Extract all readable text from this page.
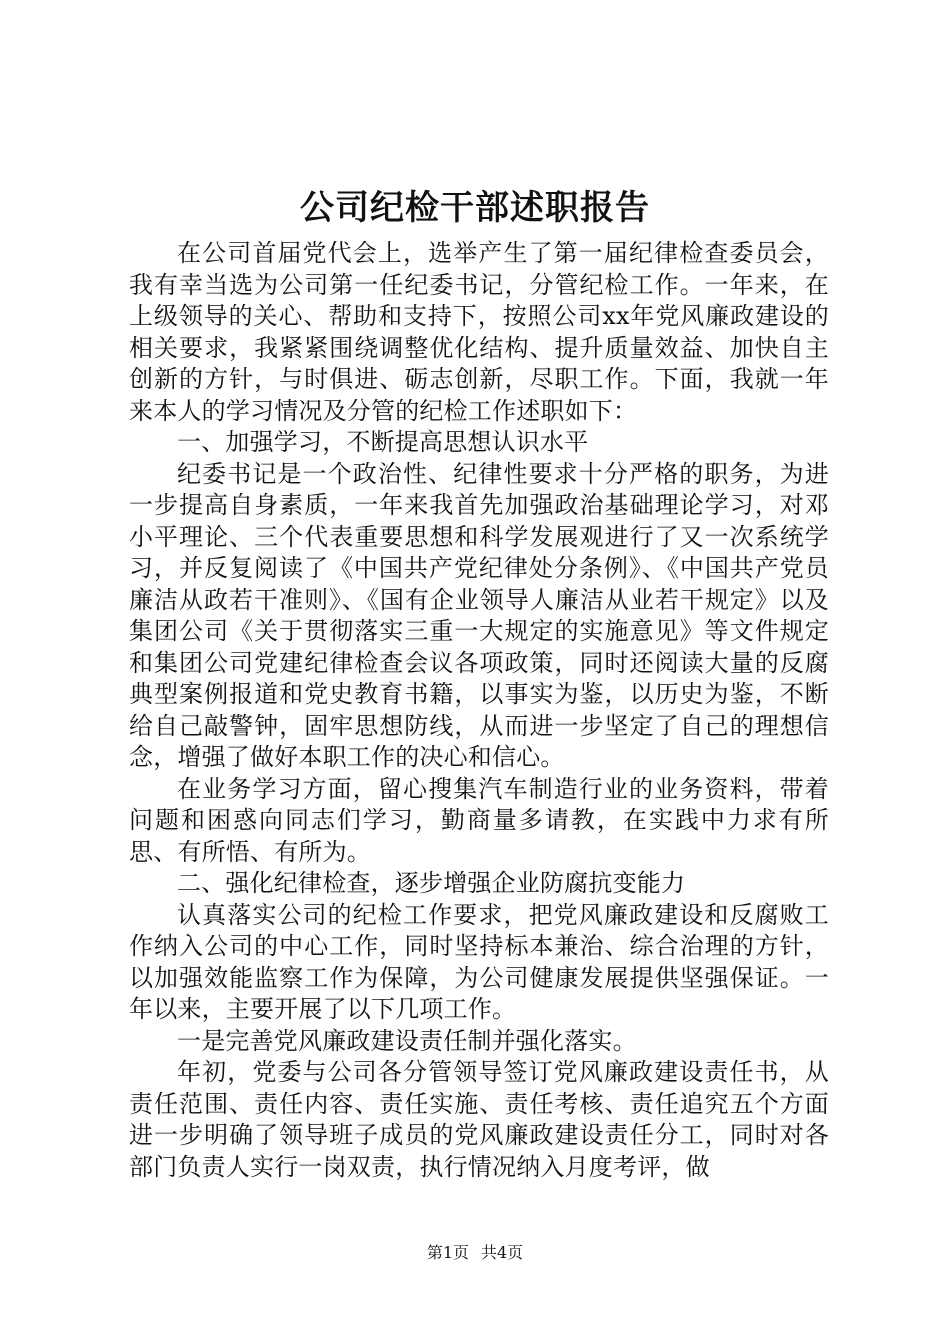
公司纪检干部述职报告

在公司首届党代会上，选举产生了第一届纪律检查委员会，我有幸当选为公司第一任纪委书记，分管纪检工作。一年来，在上级领导的关心、帮助和支持下，按照公司xx年党风廉政建设的相关要求，我紧紧围绕调整优化结构、提升质量效益、加快自主创新的方针，与时俱进、砺志创新，尽职工作。下面，我就一年来本人的学习情况及分管的纪检工作述职如下：

一、加强学习，不断提高思想认识水平

纪委书记是一个政治性、纪律性要求十分严格的职务，为进一步提高自身素质，一年来我首先加强政治基础理论学习，对邓小平理论、三个代表重要思想和科学发展观进行了又一次系统学习，并反复阅读了《中国共产党纪律处分条例》、《中国共产党员廉洁从政若干准则》、《国有企业领导人廉洁从业若干规定》以及集团公司《关于贯彻落实三重一大规定的实施意见》等文件规定和集团公司党建纪律检查会议各项政策，同时还阅读大量的反腐典型案例报道和党史教育书籍，以事实为鉴，以历史为鉴，不断给自己敲警钟，固牢思想防线，从而进一步坚定了自己的理想信念，增强了做好本职工作的决心和信心。

在业务学习方面，留心搜集汽车制造行业的业务资料，带着问题和困惑向同志们学习，勤商量多请教，在实践中力求有所思、有所悟、有所为。

二、强化纪律检查，逐步增强企业防腐抗变能力

认真落实公司的纪检工作要求，把党风廉政建设和反腐败工作纳入公司的中心工作，同时坚持标本兼治、综合治理的方针，以加强效能监察工作为保障，为公司健康发展提供坚强保证。一年以来，主要开展了以下几项工作。

一是完善党风廉政建设责任制并强化落实。

年初，党委与公司各分管领导签订党风廉政建设责任书，从责任范围、责任内容、责任实施、责任考核、责任追究五个方面进一步明确了领导班子成员的党风廉政建设责任分工，同时对各部门负责人实行一岗双责，执行情况纳入月度考评，做

第1页 共4页
